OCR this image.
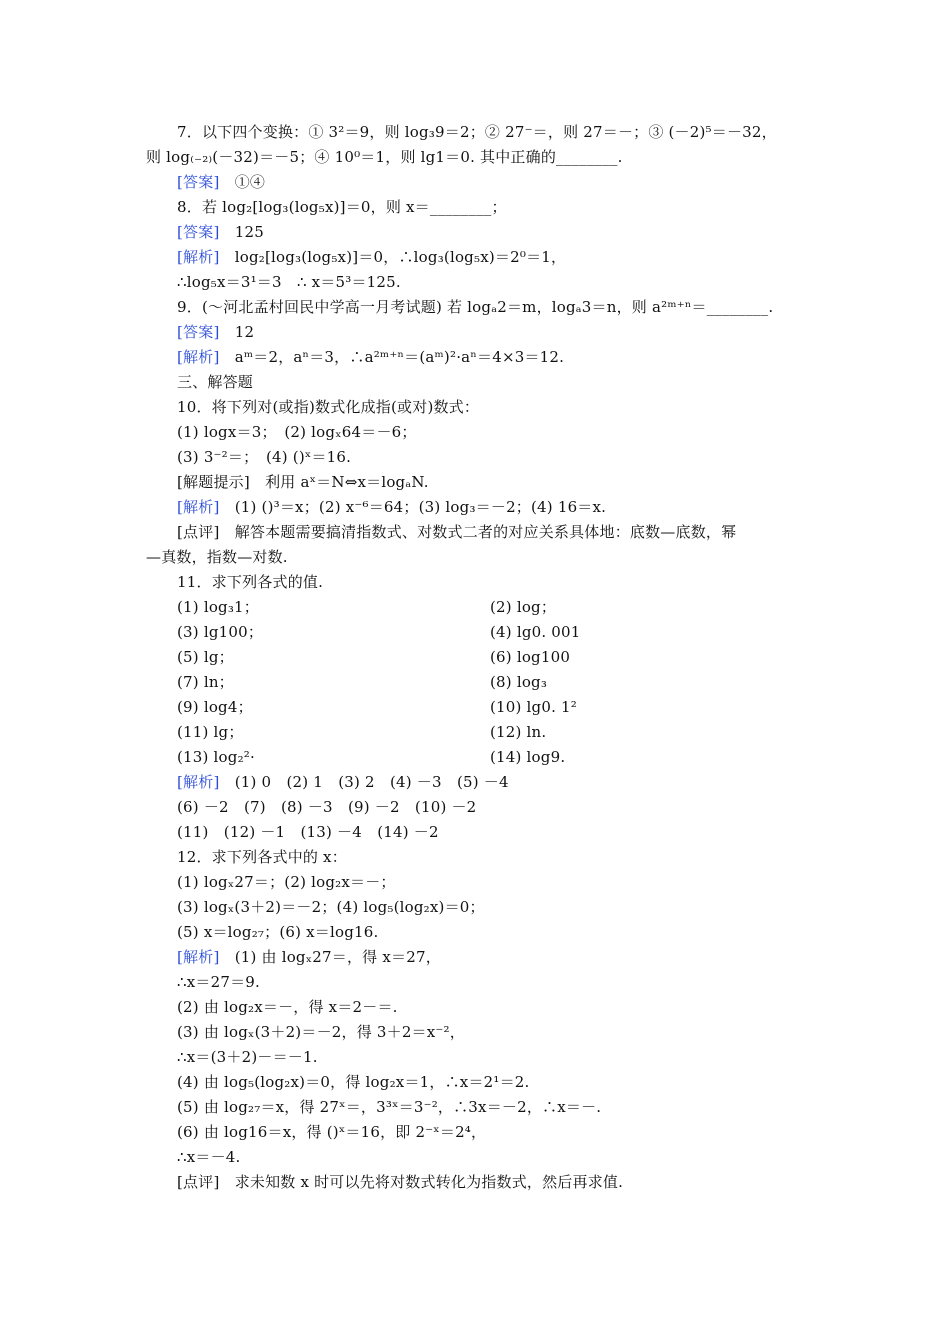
7．以下四个变换：① 3²＝9，则 log₃9＝2；② 27⁻＝，则 27＝－；③ (－2)⁵＝－32，
则 log₍₋₂₎(－32)＝－5；④ 10⁰＝1，则 lg1＝0. 其中正确的________.
[答案]　 ①④
8．若 log₂[log₃(log₅x)]＝0，则 x＝________；
[答案]　 125
[解析]　 log₂[log₃(log₅x)]＝0，∴log₃(log₅x)＝2⁰＝1，
∴log₅x＝3¹＝3　∴ x＝5³＝125.
9．(～河北孟村回民中学高一月考试题) 若 logₐ2＝m，logₐ3＝n，则 a²ᵐ⁺ⁿ＝________.
[答案]　 12
[解析]　 aᵐ＝2，aⁿ＝3，∴a²ᵐ⁺ⁿ＝(aᵐ)²·aⁿ＝4×3＝12.
三、解答题
10．将下列对(或指)数式化成指(或对)数式：
(1) logx＝3；　(2) logₓ64＝－6；
(3) 3⁻²＝；　(4) ()ˣ＝16.
[解题提示]　利用 aˣ＝N⇔x＝logₐN.
[解析]　 (1) ()³＝x；(2) x⁻⁶＝64；(3) log₃＝－2；(4) 16＝x.
[点评]　解答本题需要搞清指数式、对数式二者的对应关系具体地：底数—底数，幂
—真数，指数—对数.
11．求下列各式的值.
(1) log₃1；	(2) log；
(3) lg100；	(4) lg0. 001
(5) lg；	(6) log100
(7) ln；	(8) log₃
(9) log4；	(10) lg0. 1²
(11) lg；	(12) ln.
(13) log₂²·	(14) log9.
[解析]　 (1) 0　(2) 1　(3) 2　(4) －3　(5) －4
(6) －2　(7)　(8) －3　(9) －2　(10) －2
(11)　(12) －1　(13) －4　(14) －2
12．求下列各式中的 x：
(1) logₓ27＝；(2) log₂x＝－；
(3) logₓ(3＋2)＝－2；(4) log₅(log₂x)＝0；
(5) x＝log₂₇；(6) x＝log16.
[解析]　 (1) 由 logₓ27＝，得 x＝27，
∴x＝27＝9.
(2) 由 log₂x＝－，得 x＝2－＝.
(3) 由 logₓ(3＋2)＝－2，得 3＋2＝x⁻²，
∴x＝(3＋2)－＝－1.
(4) 由 log₅(log₂x)＝0，得 log₂x＝1，∴x＝2¹＝2.
(5) 由 log₂₇＝x，得 27ˣ＝，3³ˣ＝3⁻²，∴3x＝－2，∴x＝－.
(6) 由 log16＝x，得 ()ˣ＝16，即 2⁻ˣ＝2⁴，
∴x＝－4.
[点评]　求未知数 x 时可以先将对数式转化为指数式，然后再求值.
